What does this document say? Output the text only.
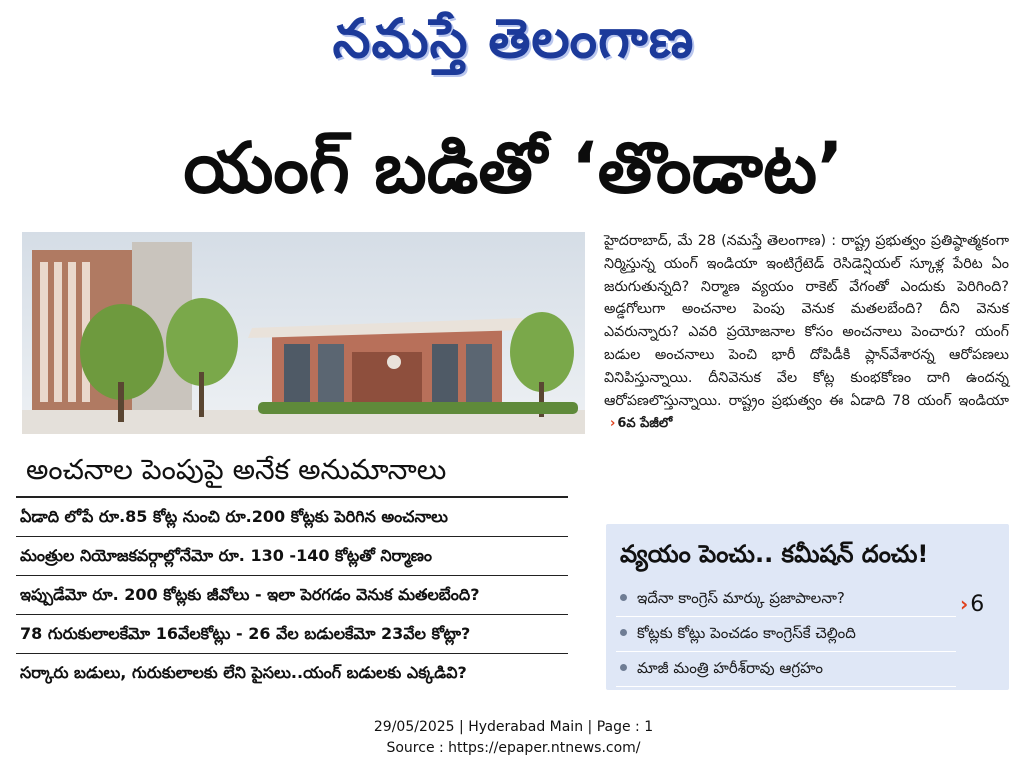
నమస్తే తెలంగాణ
యంగ్ బడితో ‘తొండాట’
హైదరాబాద్, మే 28 (నమస్తే తెలంగాణ) : రాష్ట్ర ప్రభుత్వం ప్రతిష్ఠాత్మకంగా నిర్మిస్తున్న యంగ్ ఇండియా ఇంటిగ్రేటెడ్ రెసిడెన్షియల్ స్కూళ్ల పేరిట ఏం జరుగుతున్నది? నిర్మాణ వ్యయం రాకెట్ వేగంతో ఎందుకు పెరిగింది? అడ్డగోలుగా అంచనాల పెంపు వెనుక మతలబేంది? దీని వెనుక ఎవరున్నారు? ఎవరి ప్రయోజనాల కోసం అంచనాలు పెంచారు? యంగ్ బడుల అంచనాలు పెంచి భారీ దోపిడీకి ప్లాన్‌వేశారన్న ఆరోపణలు వినిపిస్తున్నాయి. దీనివెనుక వేల కోట్ల కుంభకోణం దాగి ఉందన్న ఆరోపణలొస్తున్నాయి. రాష్ట్రం ప్రభుత్వం ఈ ఏడాది 78 యంగ్ ఇండియా › 6వ పేజీలో
అంచనాల పెంపుపై అనేక అనుమానాలు
ఏడాది లోపే రూ.85 కోట్ల నుంచి రూ.200 కోట్లకు పెరిగిన అంచనాలు
మంత్రుల నియోజకవర్గాల్లోనేమో రూ. 130 -140 కోట్లతో నిర్మాణం
ఇప్పుడేమో రూ. 200 కోట్లకు జీవోలు - ఇలా పెరగడం వెనుక మతలబేంది?
78 గురుకులాలకేమో 16వేలకోట్లు - 26 వేల బడులకేమో 23వేల కోట్లా?
సర్కారు బడులు, గురుకులాలకు లేని పైసలు..యంగ్ బడులకు ఎక్కడివి?
వ్యయం పెంచు.. కమీషన్ దంచు!
ఇదేనా కాంగ్రెస్ మార్కు ప్రజాపాలనా?
కోట్లకు కోట్లు పెంచడం కాంగ్రెస్‌కే చెల్లింది
మాజీ మంత్రి హరీశ్‌రావు ఆగ్రహం
›6
29/05/2025 | Hyderabad Main | Page : 1
Source : https://epaper.ntnews.com/
